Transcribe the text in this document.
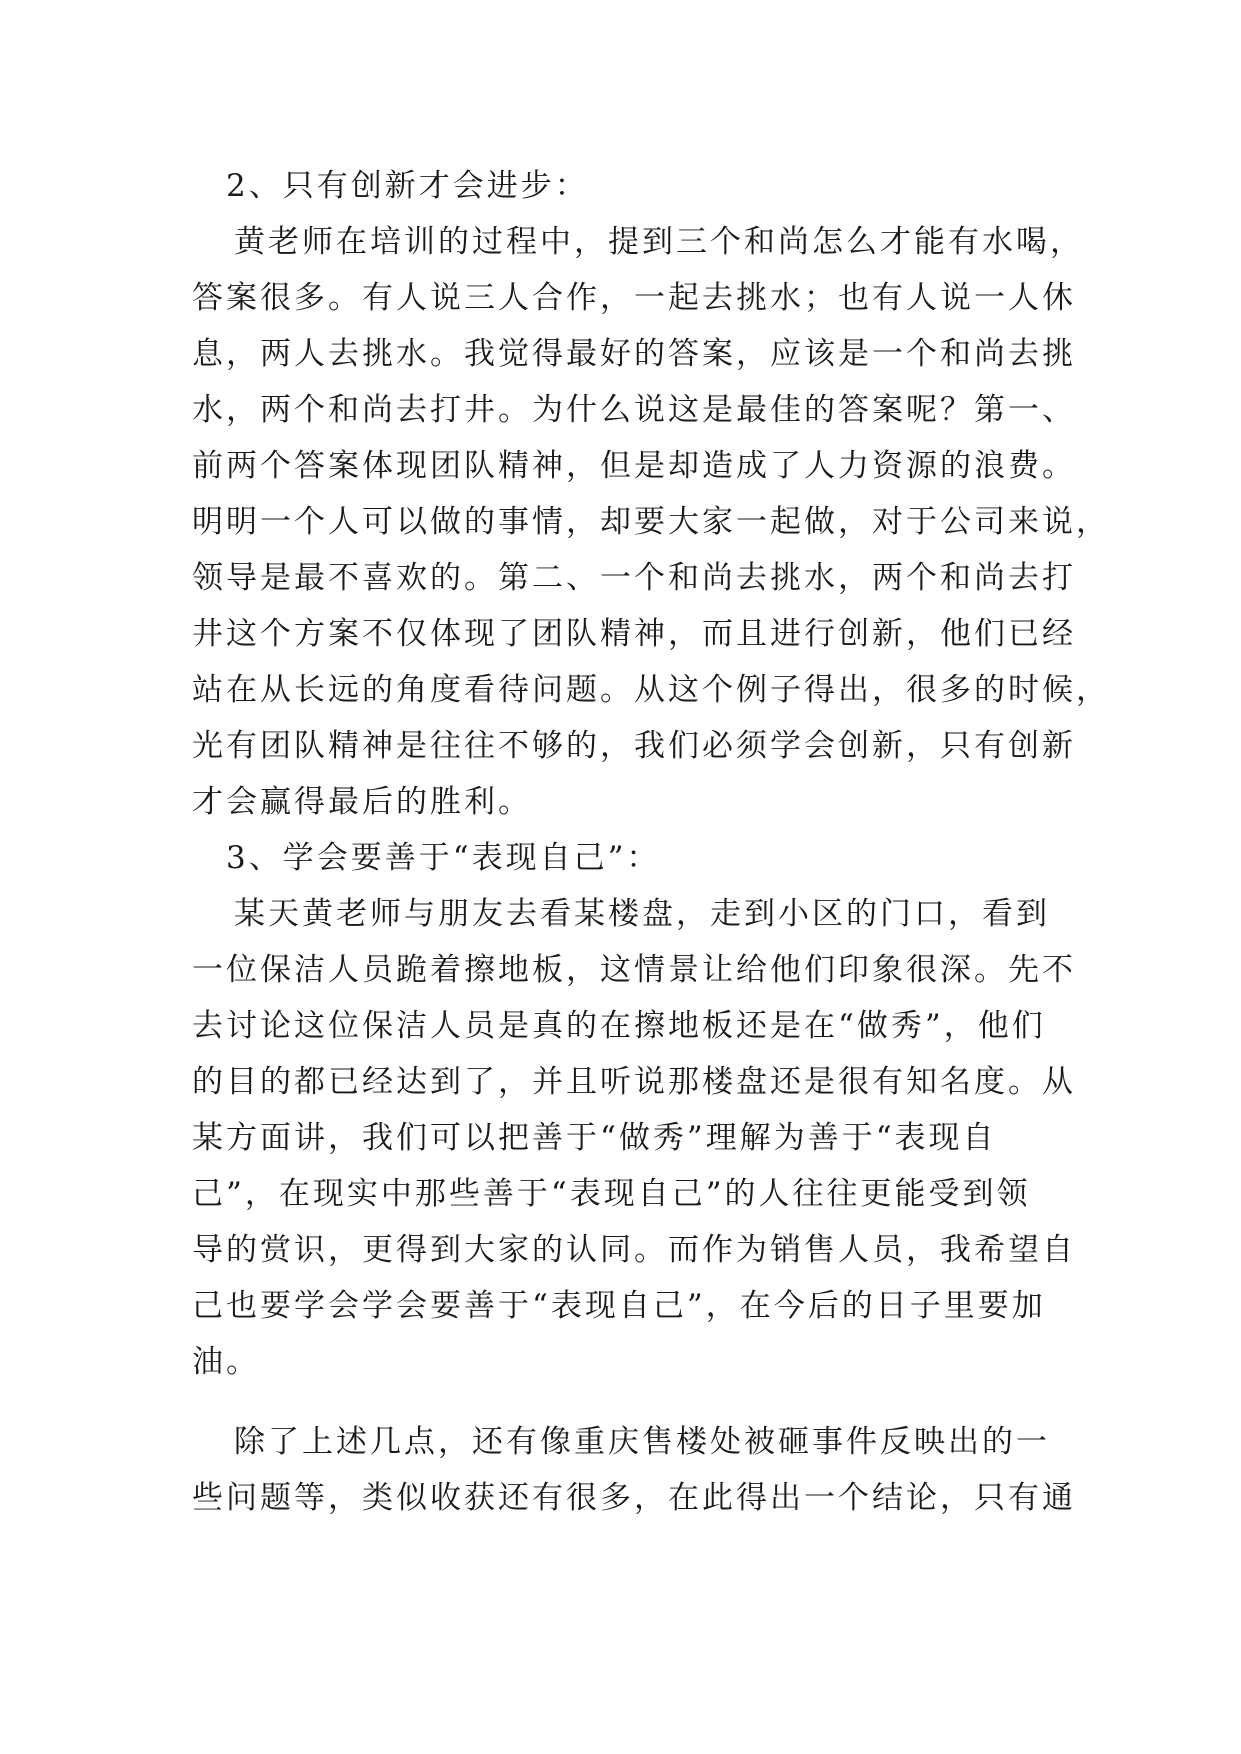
2、只有创新才会进步：
黄老师在培训的过程中，提到三个和尚怎么才能有水喝，
答案很多。有人说三人合作，一起去挑水；也有人说一人休
息，两人去挑水。我觉得最好的答案，应该是一个和尚去挑
水，两个和尚去打井。为什么说这是最佳的答案呢？第一、
前两个答案体现团队精神，但是却造成了人力资源的浪费。
明明一个人可以做的事情，却要大家一起做，对于公司来说，
领导是最不喜欢的。第二、一个和尚去挑水，两个和尚去打
井这个方案不仅体现了团队精神，而且进行创新，他们已经
站在从长远的角度看待问题。从这个例子得出，很多的时候，
光有团队精神是往往不够的，我们必须学会创新，只有创新
才会赢得最后的胜利。
3、学会要善于“表现自己”：
某天黄老师与朋友去看某楼盘，走到小区的门口，看到
一位保洁人员跪着擦地板，这情景让给他们印象很深。先不
去讨论这位保洁人员是真的在擦地板还是在“做秀”，他们
的目的都已经达到了，并且听说那楼盘还是很有知名度。从
某方面讲，我们可以把善于“做秀”理解为善于“表现自
己”，在现实中那些善于“表现自己”的人往往更能受到领
导的赏识，更得到大家的认同。而作为销售人员，我希望自
己也要学会学会要善于“表现自己”，在今后的日子里要加
油。
除了上述几点，还有像重庆售楼处被砸事件反映出的一
些问题等，类似收获还有很多，在此得出一个结论，只有通
